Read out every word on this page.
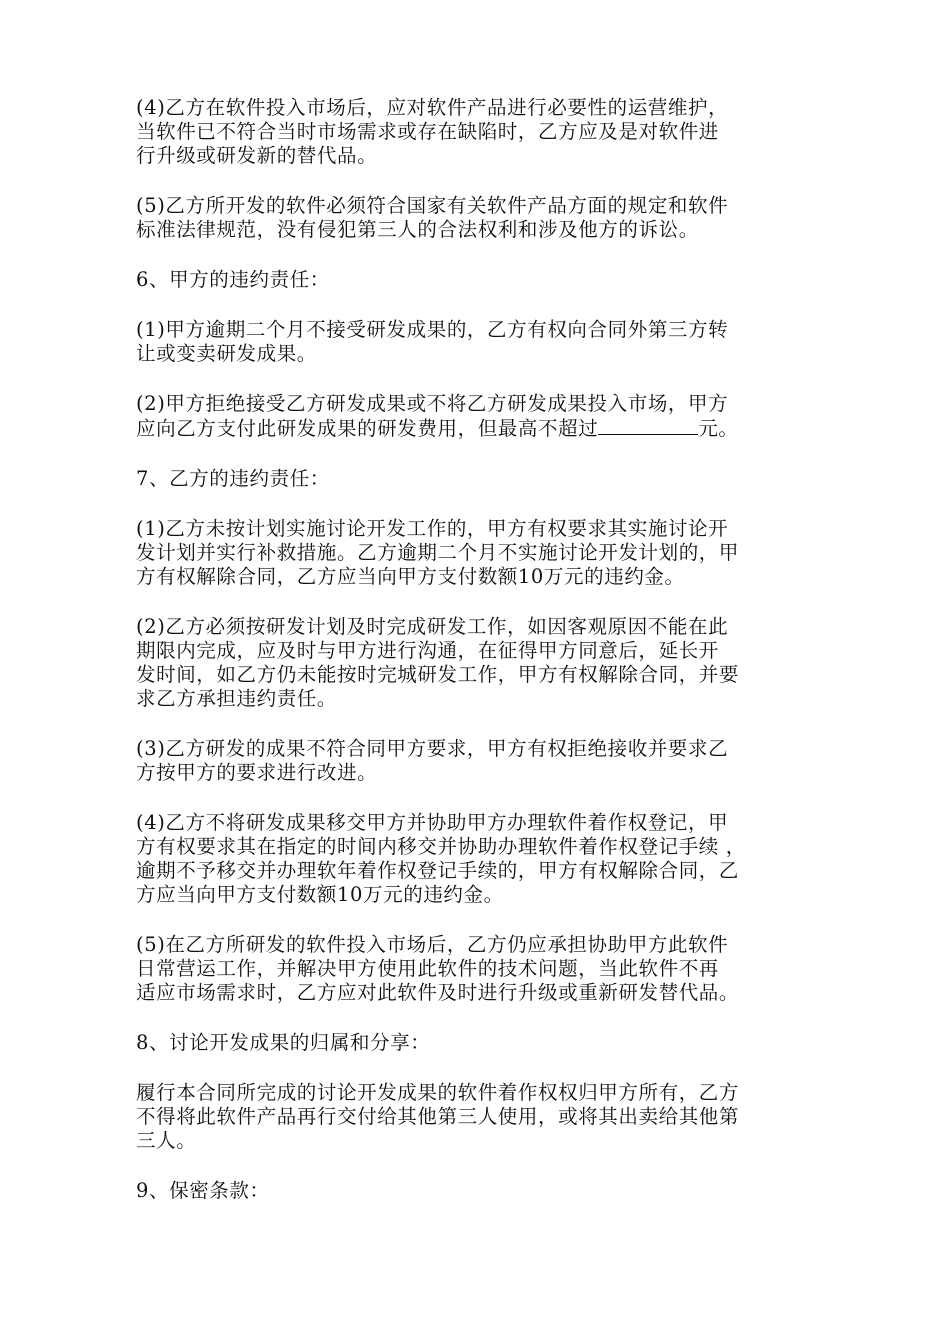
(4)乙方在软件投入市场后，应对软件产品进行必要性的运营维护，
当软件已不符合当时市场需求或存在缺陷时，乙方应及是对软件进
行升级或研发新的替代品。

(5)乙方所开发的软件必须符合国家有关软件产品方面的规定和软件
标准法律规范，没有侵犯第三人的合法权利和涉及他方的诉讼。

6、甲方的违约责任：

(1)甲方逾期二个月不接受研发成果的，乙方有权向合同外第三方转
让或变卖研发成果。

(2)甲方拒绝接受乙方研发成果或不将乙方研发成果投入市场，甲方
应向乙方支付此研发成果的研发费用，但最高不超过	元。

7、乙方的违约责任：

(1)乙方未按计划实施讨论开发工作的，甲方有权要求其实施讨论开
发计划并实行补救措施。乙方逾期二个月不实施讨论开发计划的，甲
方有权解除合同，乙方应当向甲方支付数额10万元的违约金。

(2)乙方必须按研发计划及时完成研发工作，如因客观原因不能在此
期限内完成，应及时与甲方进行沟通，在征得甲方同意后，延长开
发时间，如乙方仍未能按时完城研发工作，甲方有权解除合同，并要
求乙方承担违约责任。

(3)乙方研发的成果不符合同甲方要求，甲方有权拒绝接收并要求乙
方按甲方的要求进行改进。

(4)乙方不将研发成果移交甲方并协助甲方办理软件着作权登记，甲
方有权要求其在指定的时间内移交并协助办理软件着作权登记手续 ，
逾期不予移交并办理软年着作权登记手续的，甲方有权解除合同，乙
方应当向甲方支付数额10万元的违约金。

(5)在乙方所研发的软件投入市场后，乙方仍应承担协助甲方此软件
日常营运工作，并解决甲方使用此软件的技术问题，当此软件不再
适应市场需求时，乙方应对此软件及时进行升级或重新研发替代品。

8、讨论开发成果的归属和分享：

履行本合同所完成的讨论开发成果的软件着作权权归甲方所有，乙方
不得将此软件产品再行交付给其他第三人使用，或将其出卖给其他第
三人。

9、保密条款：
